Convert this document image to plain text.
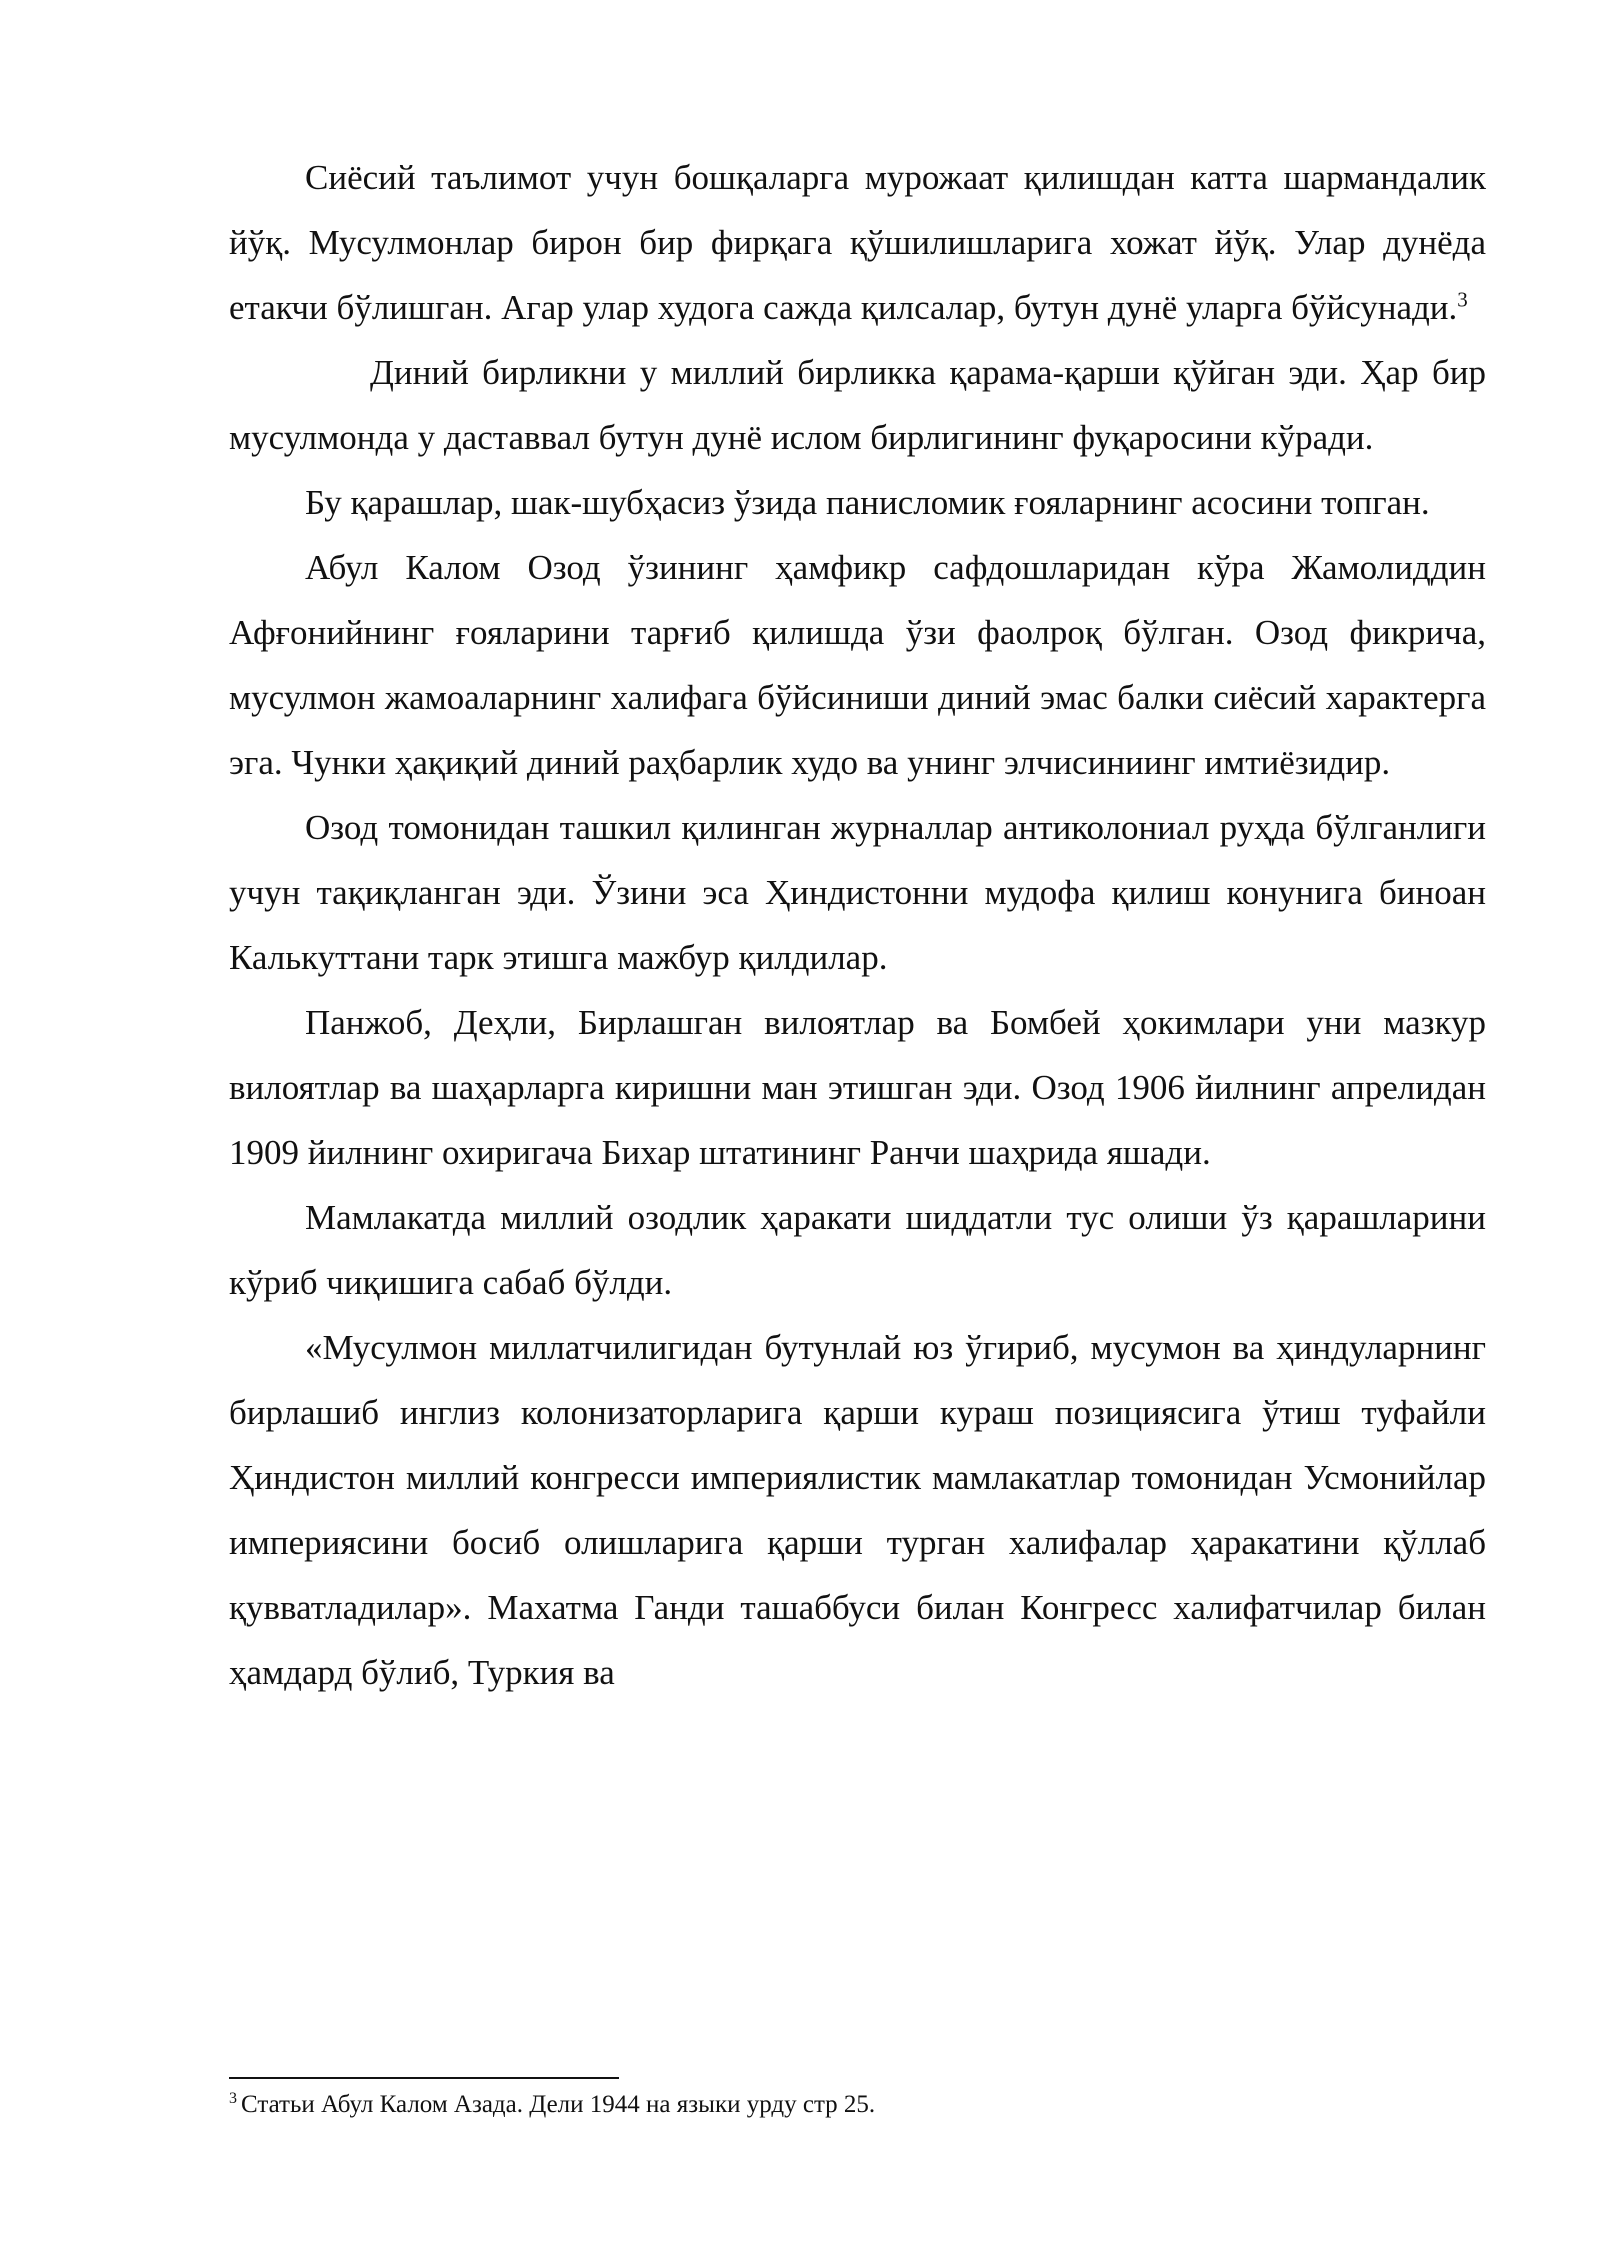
Сиёсий таълимот учун бошқаларга мурожаат қилишдан катта шармандалик йўқ. Мусулмонлар бирон бир фирқага қўшилишларига хожат йўқ. Улар дунёда етакчи бўлишган. Агар улар худога сажда қилсалар, бутун дунё уларга бўйсунади.$^3$

Диний бирликни у миллий бирликка қарама-қарши қўйган эди. Ҳар бир мусулмонда у даставвал бутун дунё ислом бирлигининг фуқаросини кўради.

Бу қарашлар, шак-шубҳасиз ўзида панисломик ғояларнинг асосини топган.

Абул Калом Озод ўзининг ҳамфикр сафдошларидан кўра Жамолиддин Афғонийнинг ғояларини тарғиб қилишда ўзи фаолроқ бўлган. Озод фикрича, мусулмон жамоаларнинг халифага бўйсиниши диний эмас балки сиёсий характерга эга. Чунки ҳақиқий диний раҳбарлик худо ва унинг элчисиниинг имтиёзидир.

Озод томонидан ташкил қилинган журналлар антиколониал руҳда бўлганлиги учун тақиқланган эди. Ўзини эса Ҳиндистонни мудофа қилиш конунига биноан Калькуттани тарк этишга мажбур қилдилар.

Панжоб, Деҳли, Бирлашган вилоятлар ва Бомбей ҳокимлари уни мазкур вилоятлар ва шаҳарларга киришни ман этишган эди. Озод 1906 йилнинг апрелидан 1909 йилнинг охиригача Бихар штатининг Ранчи шаҳрида яшади.

Мамлакатда миллий озодлик ҳаракати шиддатли тус олиши ўз қарашларини кўриб чиқишига сабаб бўлди.

«Мусулмон миллатчилигидан бутунлай юз ўгириб, мусумон ва ҳиндуларнинг бирлашиб инглиз колонизаторларига қарши кураш позициясига ўтиш туфайли Ҳиндистон миллий конгресси империялистик мамлакатлар томонидан Усмонийлар империясини босиб олишларига қарши турган халифалар ҳаракатини қўллаб қувватладилар». Махатма Ганди ташаббуси билан Конгресс халифатчилар билан ҳамдард бўлиб, Туркия ва

$^3$ Статьи Абул Калом Азада. Дели 1944 на языки урду стр 25.
